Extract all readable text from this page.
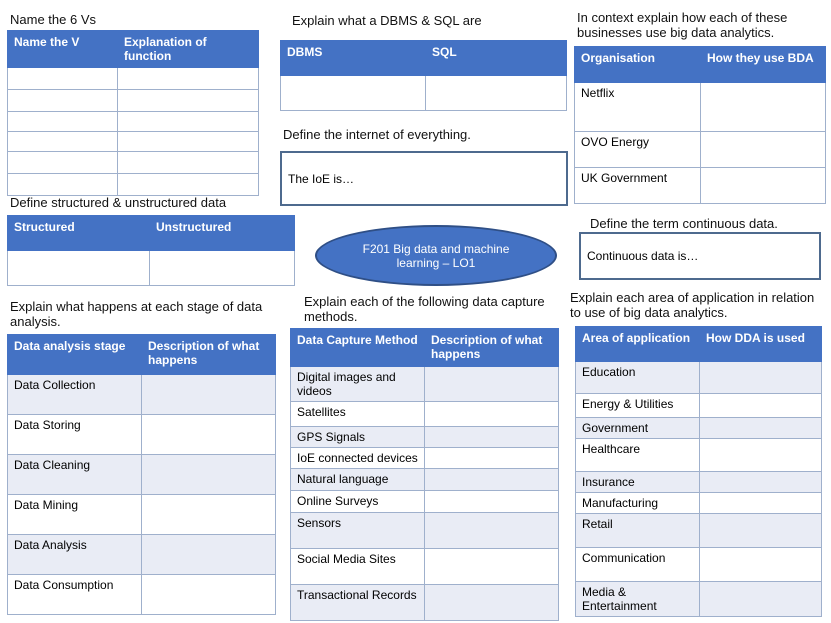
Name the 6 Vs
Name the V	Explanation of function

Explain what a DBMS & SQL are
DBMS	SQL

Define the internet of everything.
The IoE is…
In context explain how each of these businesses use big data analytics.
Organisation	How they use BDA
Netflix	
OVO Energy	
UK Government	
Define structured & unstructured data
Structured	Unstructured

F201 Big data and machine learning – LO1
Define the term continuous data.
Continuous data is…
Explain what happens at each stage of data analysis.
Data analysis stage	Description of what happens
Data Collection	
Data Storing	
Data Cleaning	
Data Mining	
Data Analysis	
Data Consumption	
Explain each of the following data capture methods.
Data Capture Method	Description of what happens
Digital images and videos	
Satellites	
GPS Signals	
IoE connected devices	
Natural language	
Online Surveys	
Sensors	
Social Media Sites	
Transactional Records	
Explain each area of application in relation to use of big data analytics.
Area of application	How DDA is used
Education	
Energy & Utilities	
Government	
Healthcare	
Insurance	
Manufacturing	
Retail	
Communication	
Media & Entertainment	
